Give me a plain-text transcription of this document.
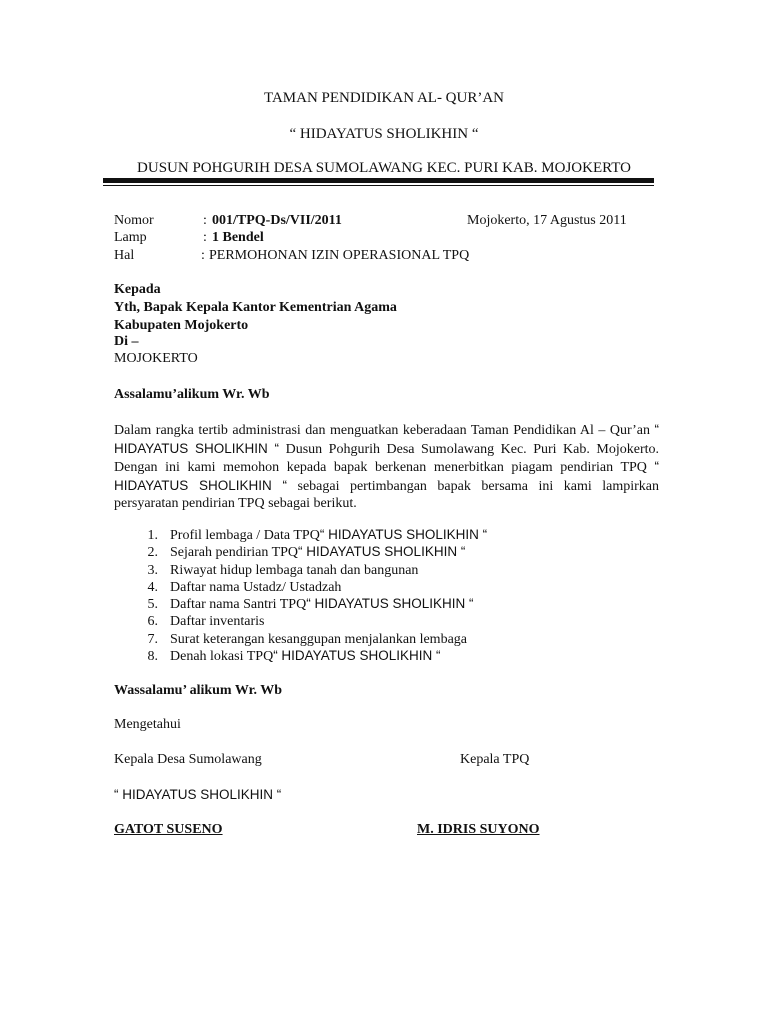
TAMAN PENDIDIKAN AL- QUR’AN
“ HIDAYATUS SHOLIKHIN “
DUSUN POHGURIH DESA SUMOLAWANG KEC. PURI KAB. MOJOKERTO
Nomor	: 001/TPQ-Ds/VII/2011	Mojokerto, 17 Agustus 2011
Lamp	: 1 Bendel
Hal	: PERMOHONAN IZIN OPERASIONAL TPQ
Kepada
Yth, Bapak Kepala Kantor Kementrian Agama
Kabupaten Mojokerto
Di –
MOJOKERTO
Assalamu’alikum Wr. Wb
Dalam rangka tertib administrasi dan menguatkan keberadaan Taman Pendidikan Al – Qur’an “ HIDAYATUS SHOLIKHIN “ Dusun Pohgurih Desa Sumolawang Kec. Puri Kab. Mojokerto. Dengan ini kami memohon kepada bapak berkenan menerbitkan piagam pendirian TPQ “ HIDAYATUS SHOLIKHIN “ sebagai pertimbangan bapak bersama ini kami lampirkan persyaratan pendirian TPQ sebagai berikut.
1. Profil lembaga / Data TPQ“ HIDAYATUS SHOLIKHIN “
2. Sejarah pendirian TPQ“ HIDAYATUS SHOLIKHIN “
3. Riwayat hidup lembaga tanah dan bangunan
4. Daftar nama Ustadz/ Ustadzah
5. Daftar nama Santri TPQ“ HIDAYATUS SHOLIKHIN “
6. Daftar inventaris
7. Surat keterangan kesanggupan menjalankan lembaga
8. Denah lokasi TPQ“ HIDAYATUS SHOLIKHIN “
Wassalamu’ alikum Wr. Wb
Mengetahui
Kepala Desa Sumolawang	Kepala TPQ
“ HIDAYATUS SHOLIKHIN “
GATOT SUSENO	M. IDRIS SUYONO
